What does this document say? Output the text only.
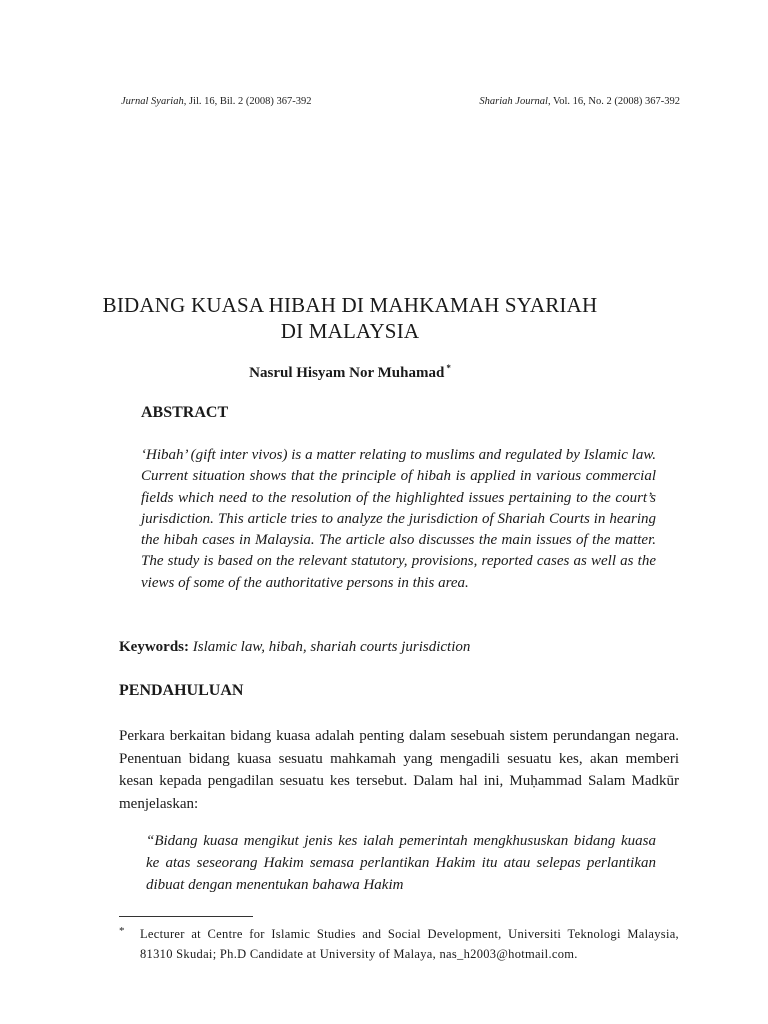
Jurnal Syariah, Jil. 16, Bil. 2 (2008) 367-392	Shariah Journal, Vol. 16, No. 2 (2008) 367-392
BIDANG KUASA HIBAH DI MAHKAMAH SYARIAH
DI MALAYSIA
Nasrul Hisyam Nor Muhamad *
ABSTRACT

‘Hibah’ (gift inter vivos) is a matter relating to muslims and regulated by Islamic law. Current situation shows that the principle of hibah is applied in various commercial fields which need to the resolution of the highlighted issues pertaining to the court’s jurisdiction. This article tries to analyze the jurisdiction of Shariah Courts in hearing the hibah cases in Malaysia. The article also discusses the main issues of the matter. The study is based on the relevant statutory, provisions, reported cases as well as the views of some of the authoritative persons in this area.

Keywords: Islamic law, hibah, shariah courts jurisdiction
PENDAHULUAN

Perkara berkaitan bidang kuasa adalah penting dalam sesebuah sistem perundangan negara. Penentuan bidang kuasa sesuatu mahkamah yang mengadili sesuatu kes, akan memberi kesan kepada pengadilan sesuatu kes tersebut. Dalam hal ini, Muḥammad Salam Madkūr menjelaskan:

“Bidang kuasa mengikut jenis kes ialah pemerintah mengkhususkan bidang kuasa ke atas seseorang Hakim semasa perlantikan Hakim itu atau selepas perlantikan dibuat dengan menentukan bahawa Hakim

* Lecturer at Centre for Islamic Studies and Social Development, Universiti Teknologi Malaysia, 81310 Skudai; Ph.D Candidate at University of Malaya, nas_h2003@hotmail.com.
